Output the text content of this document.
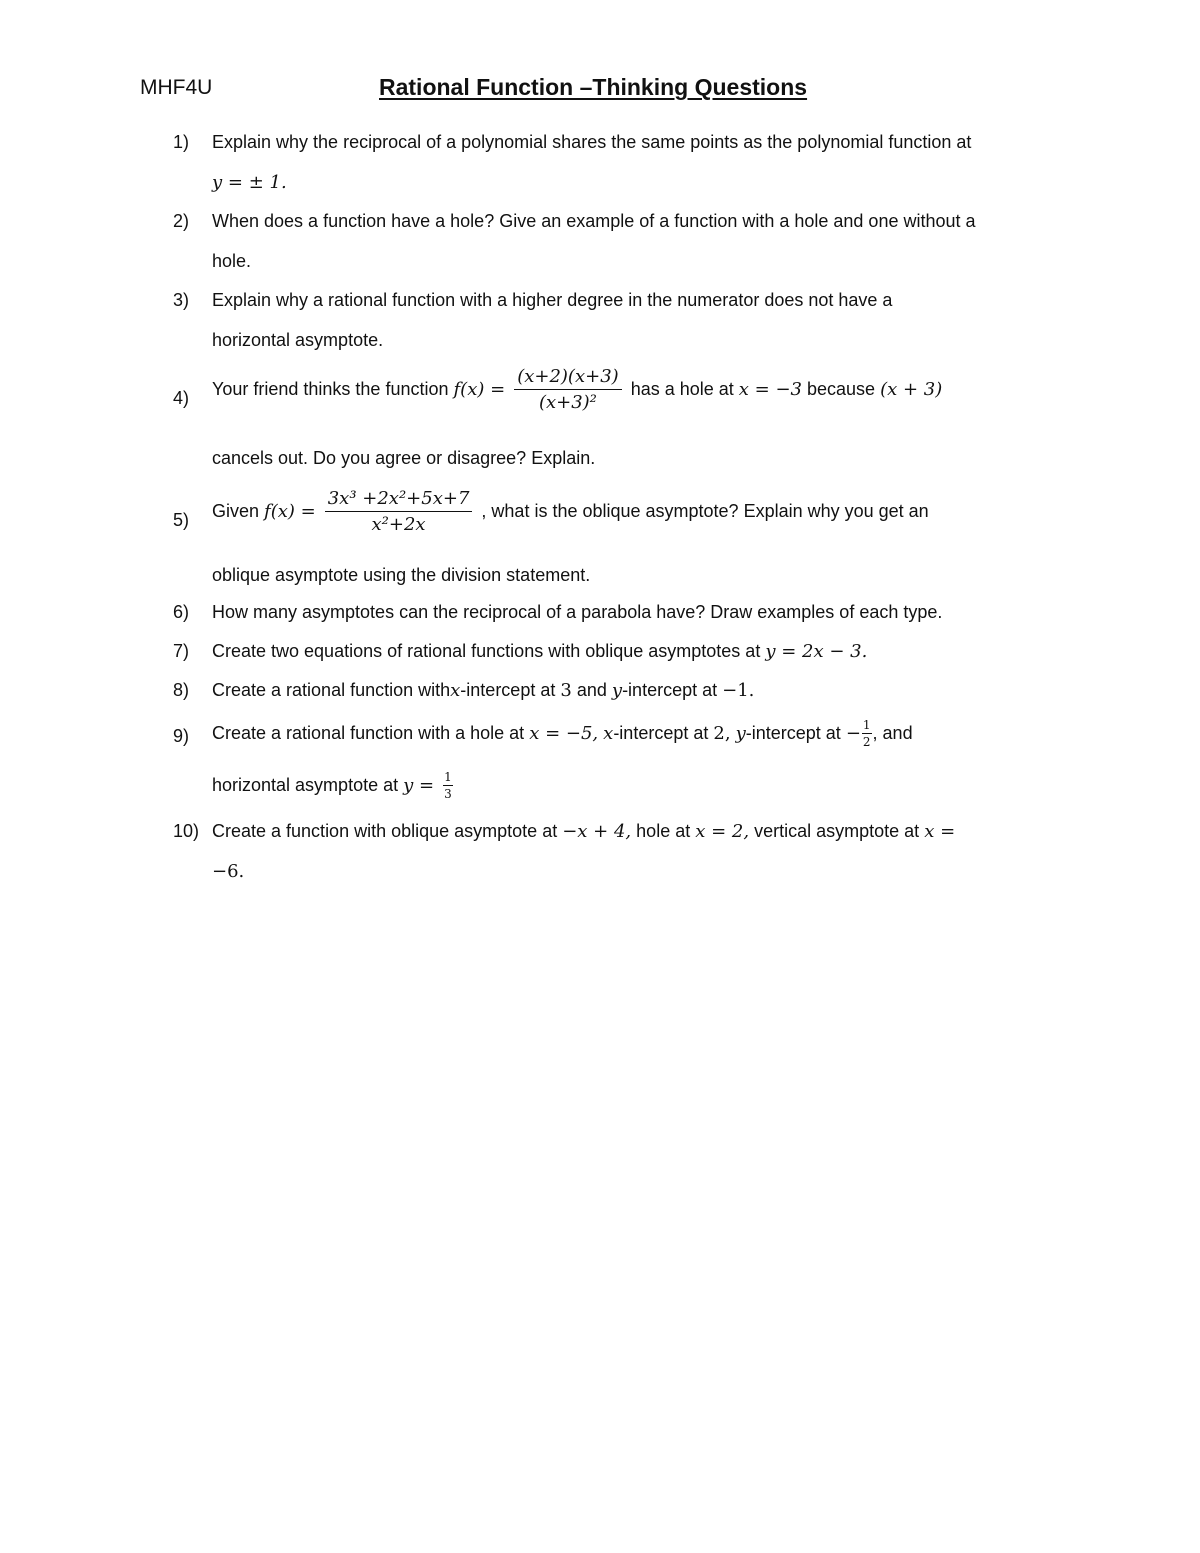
MHF4U	Rational Function –Thinking Questions
1) Explain why the reciprocal of a polynomial shares the same points as the polynomial function at
y = ± 1.
2) When does a function have a hole? Give an example of a function with a hole and one without a
hole.
3) Explain why a rational function with a higher degree in the numerator does not have a
horizontal asymptote.
4) Your friend thinks the function $f(x) = \frac{(x+2)(x+3)}{\text{(x+3)²}}$ has a hole at x = −3 because (x + 3)
cancels out. Do you agree or disagree? Explain.
5) Given $f(x) = \frac{\text{3x³ +2x²+5x+7}}{\text{x²+2x}}$ , what is the oblique asymptote? Explain why you get an
oblique asymptote using the division statement.
6) How many asymptotes can the reciprocal of a parabola have? Draw examples of each type.
7) Create two equations of rational functions with oblique asymptotes at y = 2x − 3.
8) Create a rational function withx-intercept at 3 and y-intercept at −1.
9) Create a rational function with a hole at x = −5, x-intercept at 2, y-intercept at − $\frac{1}{2}$ , and
horizontal asymptote at $y = \frac{1}{3}$
10) Create a function with oblique asymptote at −x + 4, hole at x = 2, vertical asymptote at x =
−6.
